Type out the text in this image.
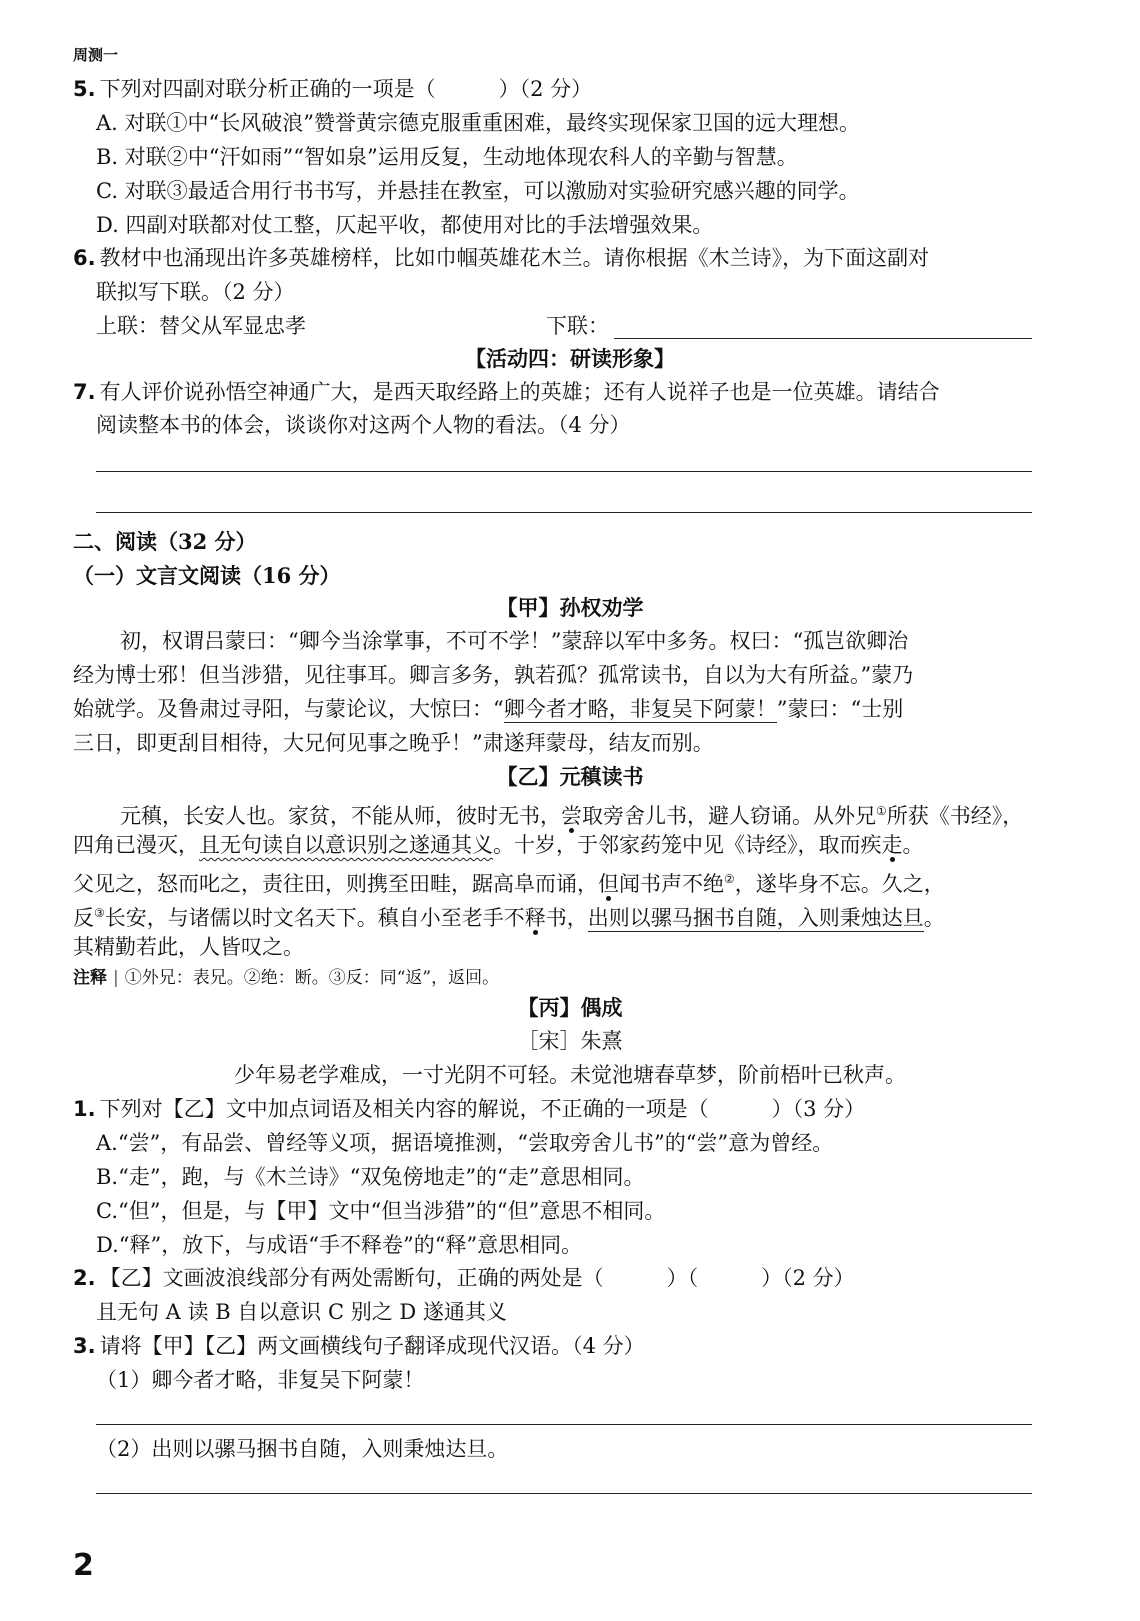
周测一
5. 下列对四副对联分析正确的一项是（　　　）（2 分）
A. 对联①中“长风破浪”赞誉黄宗德克服重重困难，最终实现保家卫国的远大理想。
B. 对联②中“汗如雨”“智如泉”运用反复，生动地体现农科人的辛勤与智慧。
C. 对联③最适合用行书书写，并悬挂在教室，可以激励对实验研究感兴趣的同学。
D. 四副对联都对仗工整，仄起平收，都使用对比的手法增强效果。
6. 教材中也涌现出许多英雄榜样，比如巾帼英雄花木兰。请你根据《木兰诗》，为下面这副对
联拟写下联。（2 分）
上联：替父从军显忠孝	下联：
【活动四：研读形象】
7. 有人评价说孙悟空神通广大，是西天取经路上的英雄；还有人说祥子也是一位英雄。请结合
阅读整本书的体会，谈谈你对这两个人物的看法。（4 分）
二、阅读（32 分）
（一）文言文阅读（16 分）
【甲】孙权劝学
初，权谓吕蒙曰：“卿今当涂掌事，不可不学！”蒙辞以军中多务。权曰：“孤岂欲卿治
经为博士邪！但当涉猎，见往事耳。卿言多务，孰若孤？孤常读书，自以为大有所益。”蒙乃
始就学。及鲁肃过寻阳，与蒙论议，大惊曰：“卿今者才略，非复吴下阿蒙！”蒙曰：“士别
三日，即更刮目相待，大兄何见事之晚乎！”肃遂拜蒙母，结友而别。
【乙】元稹读书
元稹，长安人也。家贫，不能从师，彼时无书，尝取旁舍儿书，避人窃诵。从外兄①所获《书经》，
四角已漫灭，且无句读自以意识别之遂通其义。十岁，于邻家药笼中见《诗经》，取而疾走。
父见之，怒而叱之，责往田，则携至田畦，踞高阜而诵，但闻书声不绝②，遂毕身不忘。久之，
反③长安，与诸儒以时文名天下。稹自小至老手不释书，出则以骡马捆书自随，入则秉烛达旦。
其精勤若此，人皆叹之。
注释 | ①外兄：表兄。②绝：断。③反：同“返”，返回。
【丙】偶成
［宋］朱熹
少年易老学难成，一寸光阴不可轻。未觉池塘春草梦，阶前梧叶已秋声。
1. 下列对【乙】文中加点词语及相关内容的解说，不正确的一项是（　　　）（3 分）
A.“尝”，有品尝、曾经等义项，据语境推测，“尝取旁舍儿书”的“尝”意为曾经。
B.“走”，跑，与《木兰诗》“双兔傍地走”的“走”意思相同。
C.“但”，但是，与【甲】文中“但当涉猎”的“但”意思不相同。
D.“释”，放下，与成语“手不释卷”的“释”意思相同。
2. 【乙】文画波浪线部分有两处需断句，正确的两处是（　　　）（　　　）（2 分）
且无句 A 读 B 自以意识 C 别之 D 遂通其义
3. 请将【甲】【乙】两文画横线句子翻译成现代汉语。（4 分）
（1）卿今者才略，非复吴下阿蒙！
（2）出则以骡马捆书自随，入则秉烛达旦。
2
